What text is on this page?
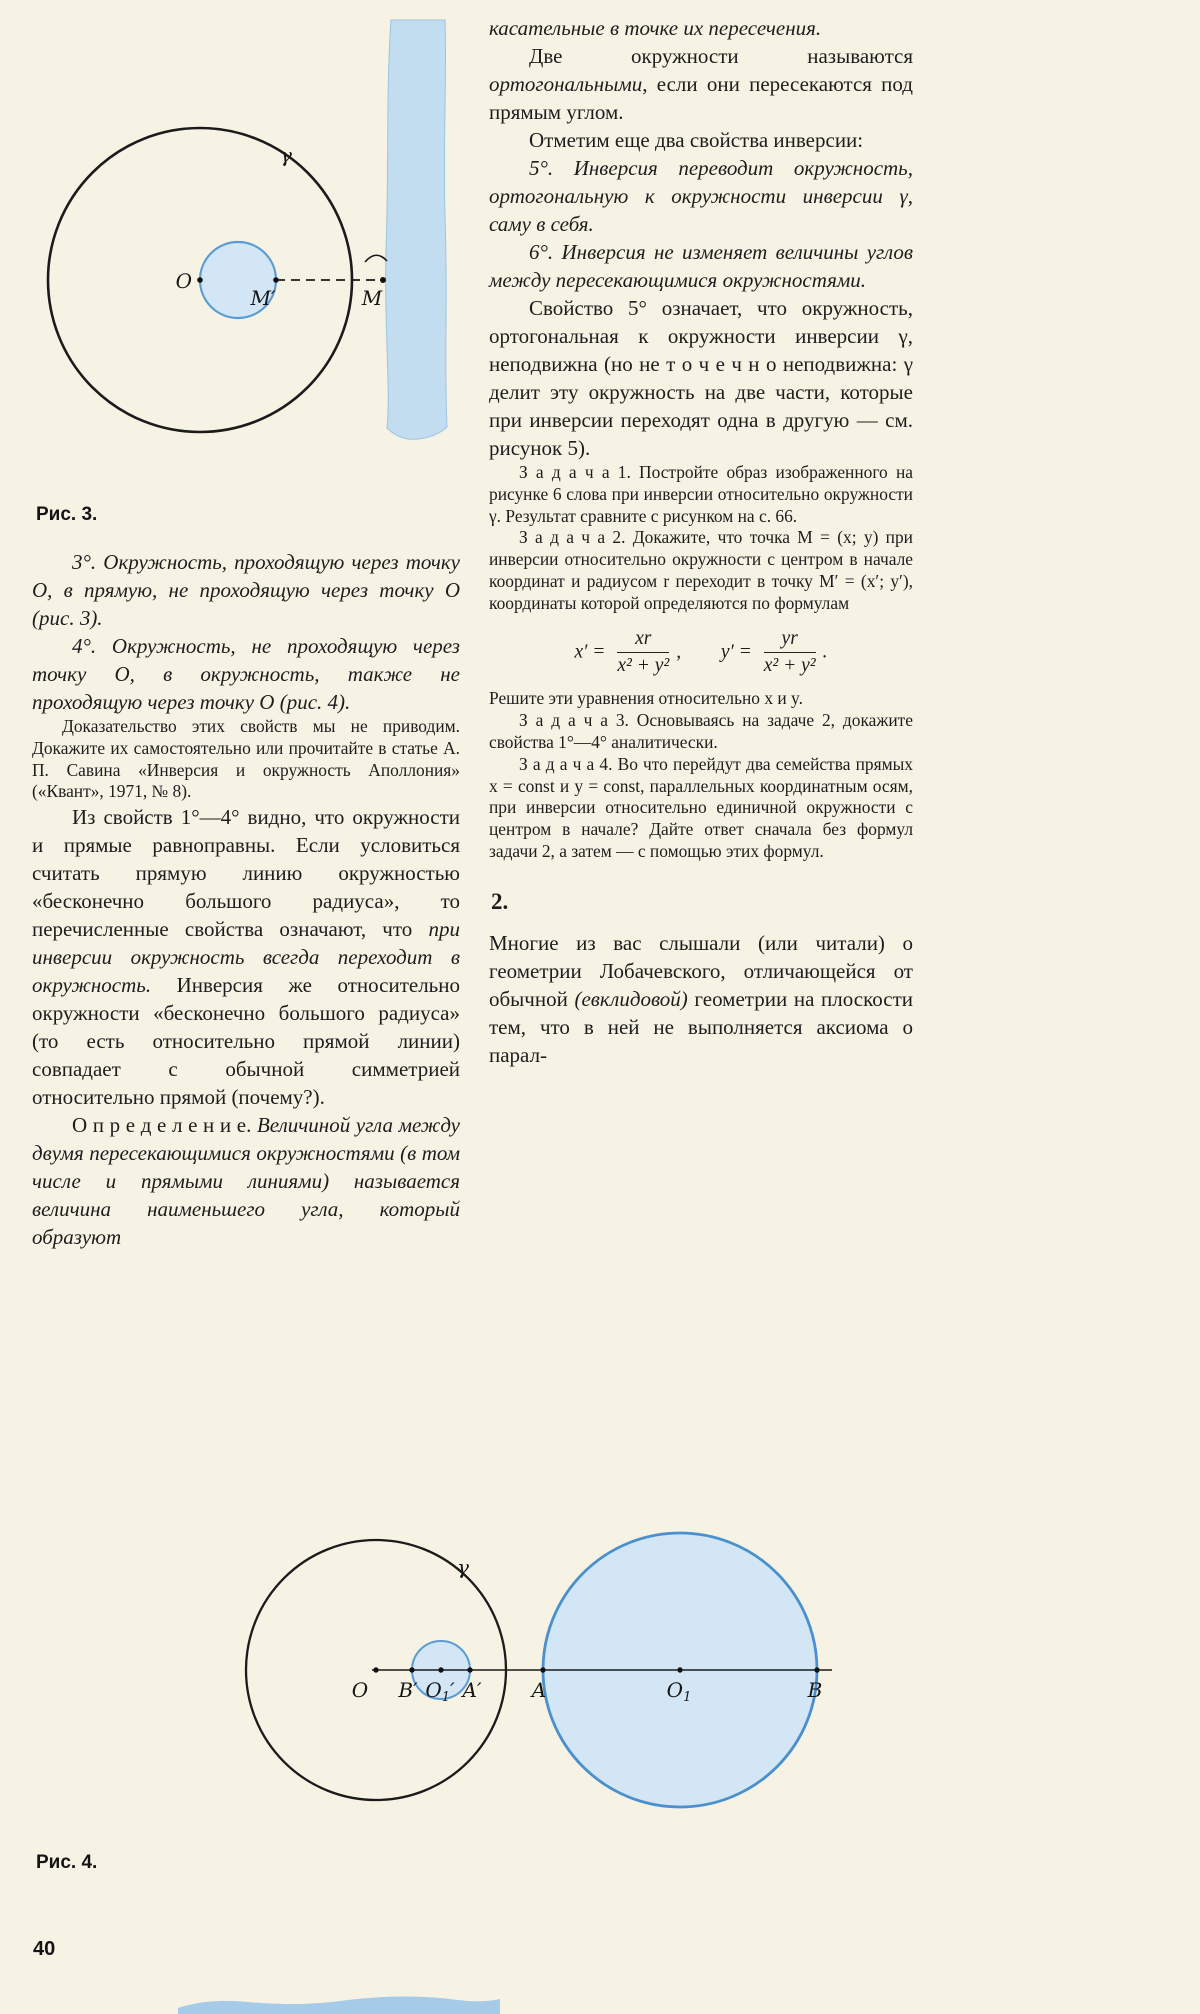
γ
O
M′	M
Рис. 3.

3°. Окружность, проходящую через точку O, в прямую, не проходящую через точку O (рис. 3).

4°. Окружность, не проходящую через точку O, в окружность, также не проходящую через точку O (рис. 4).

Доказательство этих свойств мы не приводим. Докажите их самостоятельно или прочитайте в статье А. П. Савина «Инверсия и окружность Аполлония» («Квант», 1971, № 8).

Из свойств 1°—4° видно, что окружности и прямые равноправны. Если условиться считать прямую линию окружностью «бесконечно большого радиуса», то перечисленные свойства означают, что при инверсии окружность всегда переходит в окружность. Инверсия же относительно окружности «бесконечно большого радиуса» (то есть относительно прямой линии) совпадает с обычной симметрией относительно прямой (почему?).

О п р е д е л е н и е. Величиной угла между двумя пересекающимися окружностями (в том числе и прямыми линиями) называется величина наименьшего угла, который образуют

касательные в точке их пересечения.

Две окружности называются ортогональными, если они пересекаются под прямым углом.

Отметим еще два свойства инверсии:

5°. Инверсия переводит окружность, ортогональную к окружности инверсии γ, саму в себя.

6°. Инверсия не изменяет величины углов между пересекающимися окружностями.

Свойство 5° означает, что окружность, ортогональная к окружности инверсии γ, неподвижна (но не т о ч е ч н о неподвижна: γ делит эту окружность на две части, которые при инверсии переходят одна в другую — см. рисунок 5).

З а д а ч а 1. Постройте образ изображенного на рисунке 6 слова при инверсии относительно окружности γ. Результат сравните с рисунком на с. 66.

З а д а ч а 2. Докажите, что точка M = (x; y) при инверсии относительно окружности с центром в начале координат и радиусом r переходит в точку M′ = (x′; y′), координаты которой определяются по формулам

$x' = \frac{xr}{\text{x² + y²}}$ , $y' = \frac{yr}{\text{x² + y²}}$ .

Решите эти уравнения относительно x и y.

З а д а ч а 3. Основываясь на задаче 2, докажите свойства 1°—4° аналитически.

З а д а ч а 4. Во что перейдут два семейства прямых x = const и y = const, параллельных координатным осям, при инверсии относительно единичной окружности с центром в начале? Дайте ответ сначала без формул задачи 2, а затем — с помощью этих формул.

2.

Многие из вас слышали (или читали) о геометрии Лобачевского, отличающейся от обычной (евклидовой) геометрии на плоскости тем, что в ней не выполняется аксиома о парал-

γ
O B′ $O_1'$ A′	A	$O_1$	B
Рис. 4.
40
